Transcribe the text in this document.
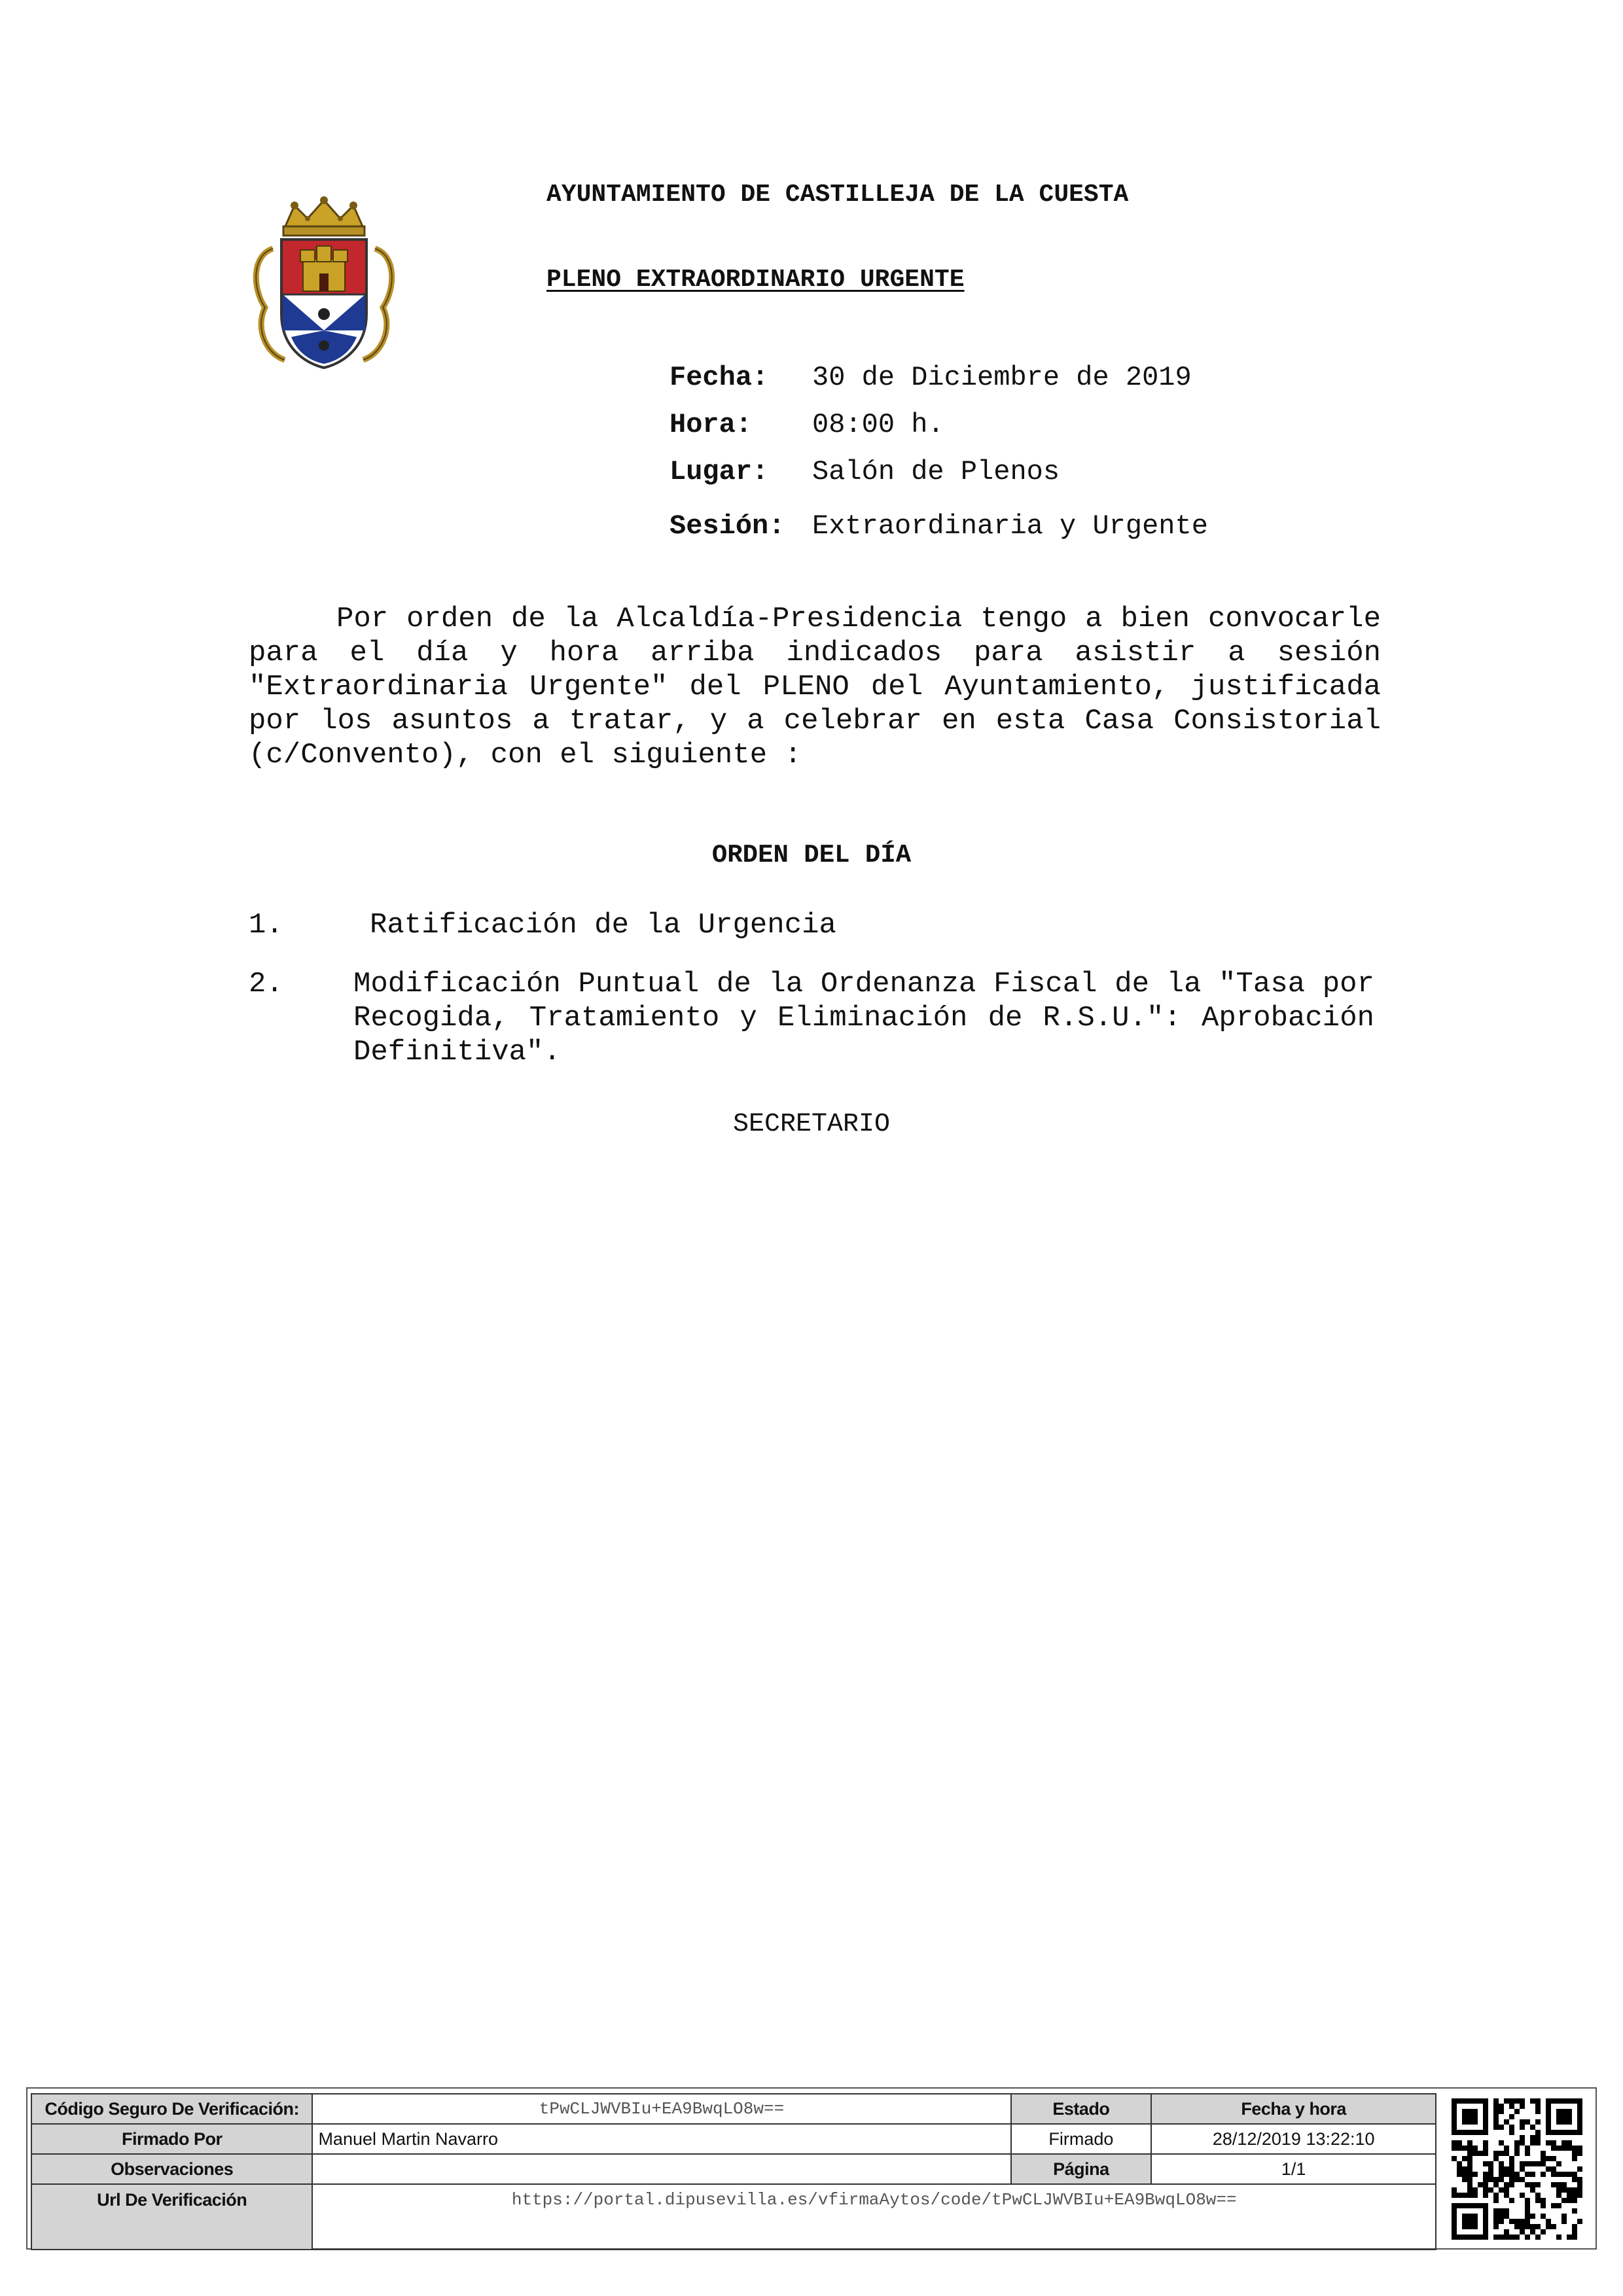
AYUNTAMIENTO DE CASTILLEJA DE LA CUESTA
PLENO EXTRAORDINARIO URGENTE
Fecha: 30 de Diciembre de 2019
Hora: 08:00 h.
Lugar: Salón de Plenos
Sesión: Extraordinaria y Urgente
Por orden de la Alcaldía-Presidencia tengo a bien convocarle para el día y hora arriba indicados para asistir a sesión "Extraordinaria Urgente" del PLENO del Ayuntamiento, justificada por los asuntos a tratar, y a celebrar en esta Casa Consistorial (c/Convento), con el siguiente :
ORDEN DEL DÍA
1.	Ratificación de la Urgencia
2.	Modificación Puntual de la Ordenanza Fiscal de la "Tasa por Recogida, Tratamiento y Eliminación de R.S.U.": Aprobación Definitiva".
SECRETARIO
Código Seguro De Verificación:	tPwCLJWVBIu+EA9BwqLO8w==	Estado	Fecha y hora
Firmado Por	Manuel Martin Navarro	Firmado	28/12/2019 13:22:10
Observaciones		Página	1/1
Url De Verificación	https://portal.dipusevilla.es/vfirmaAytos/code/tPwCLJWVBIu+EA9BwqLO8w==		
